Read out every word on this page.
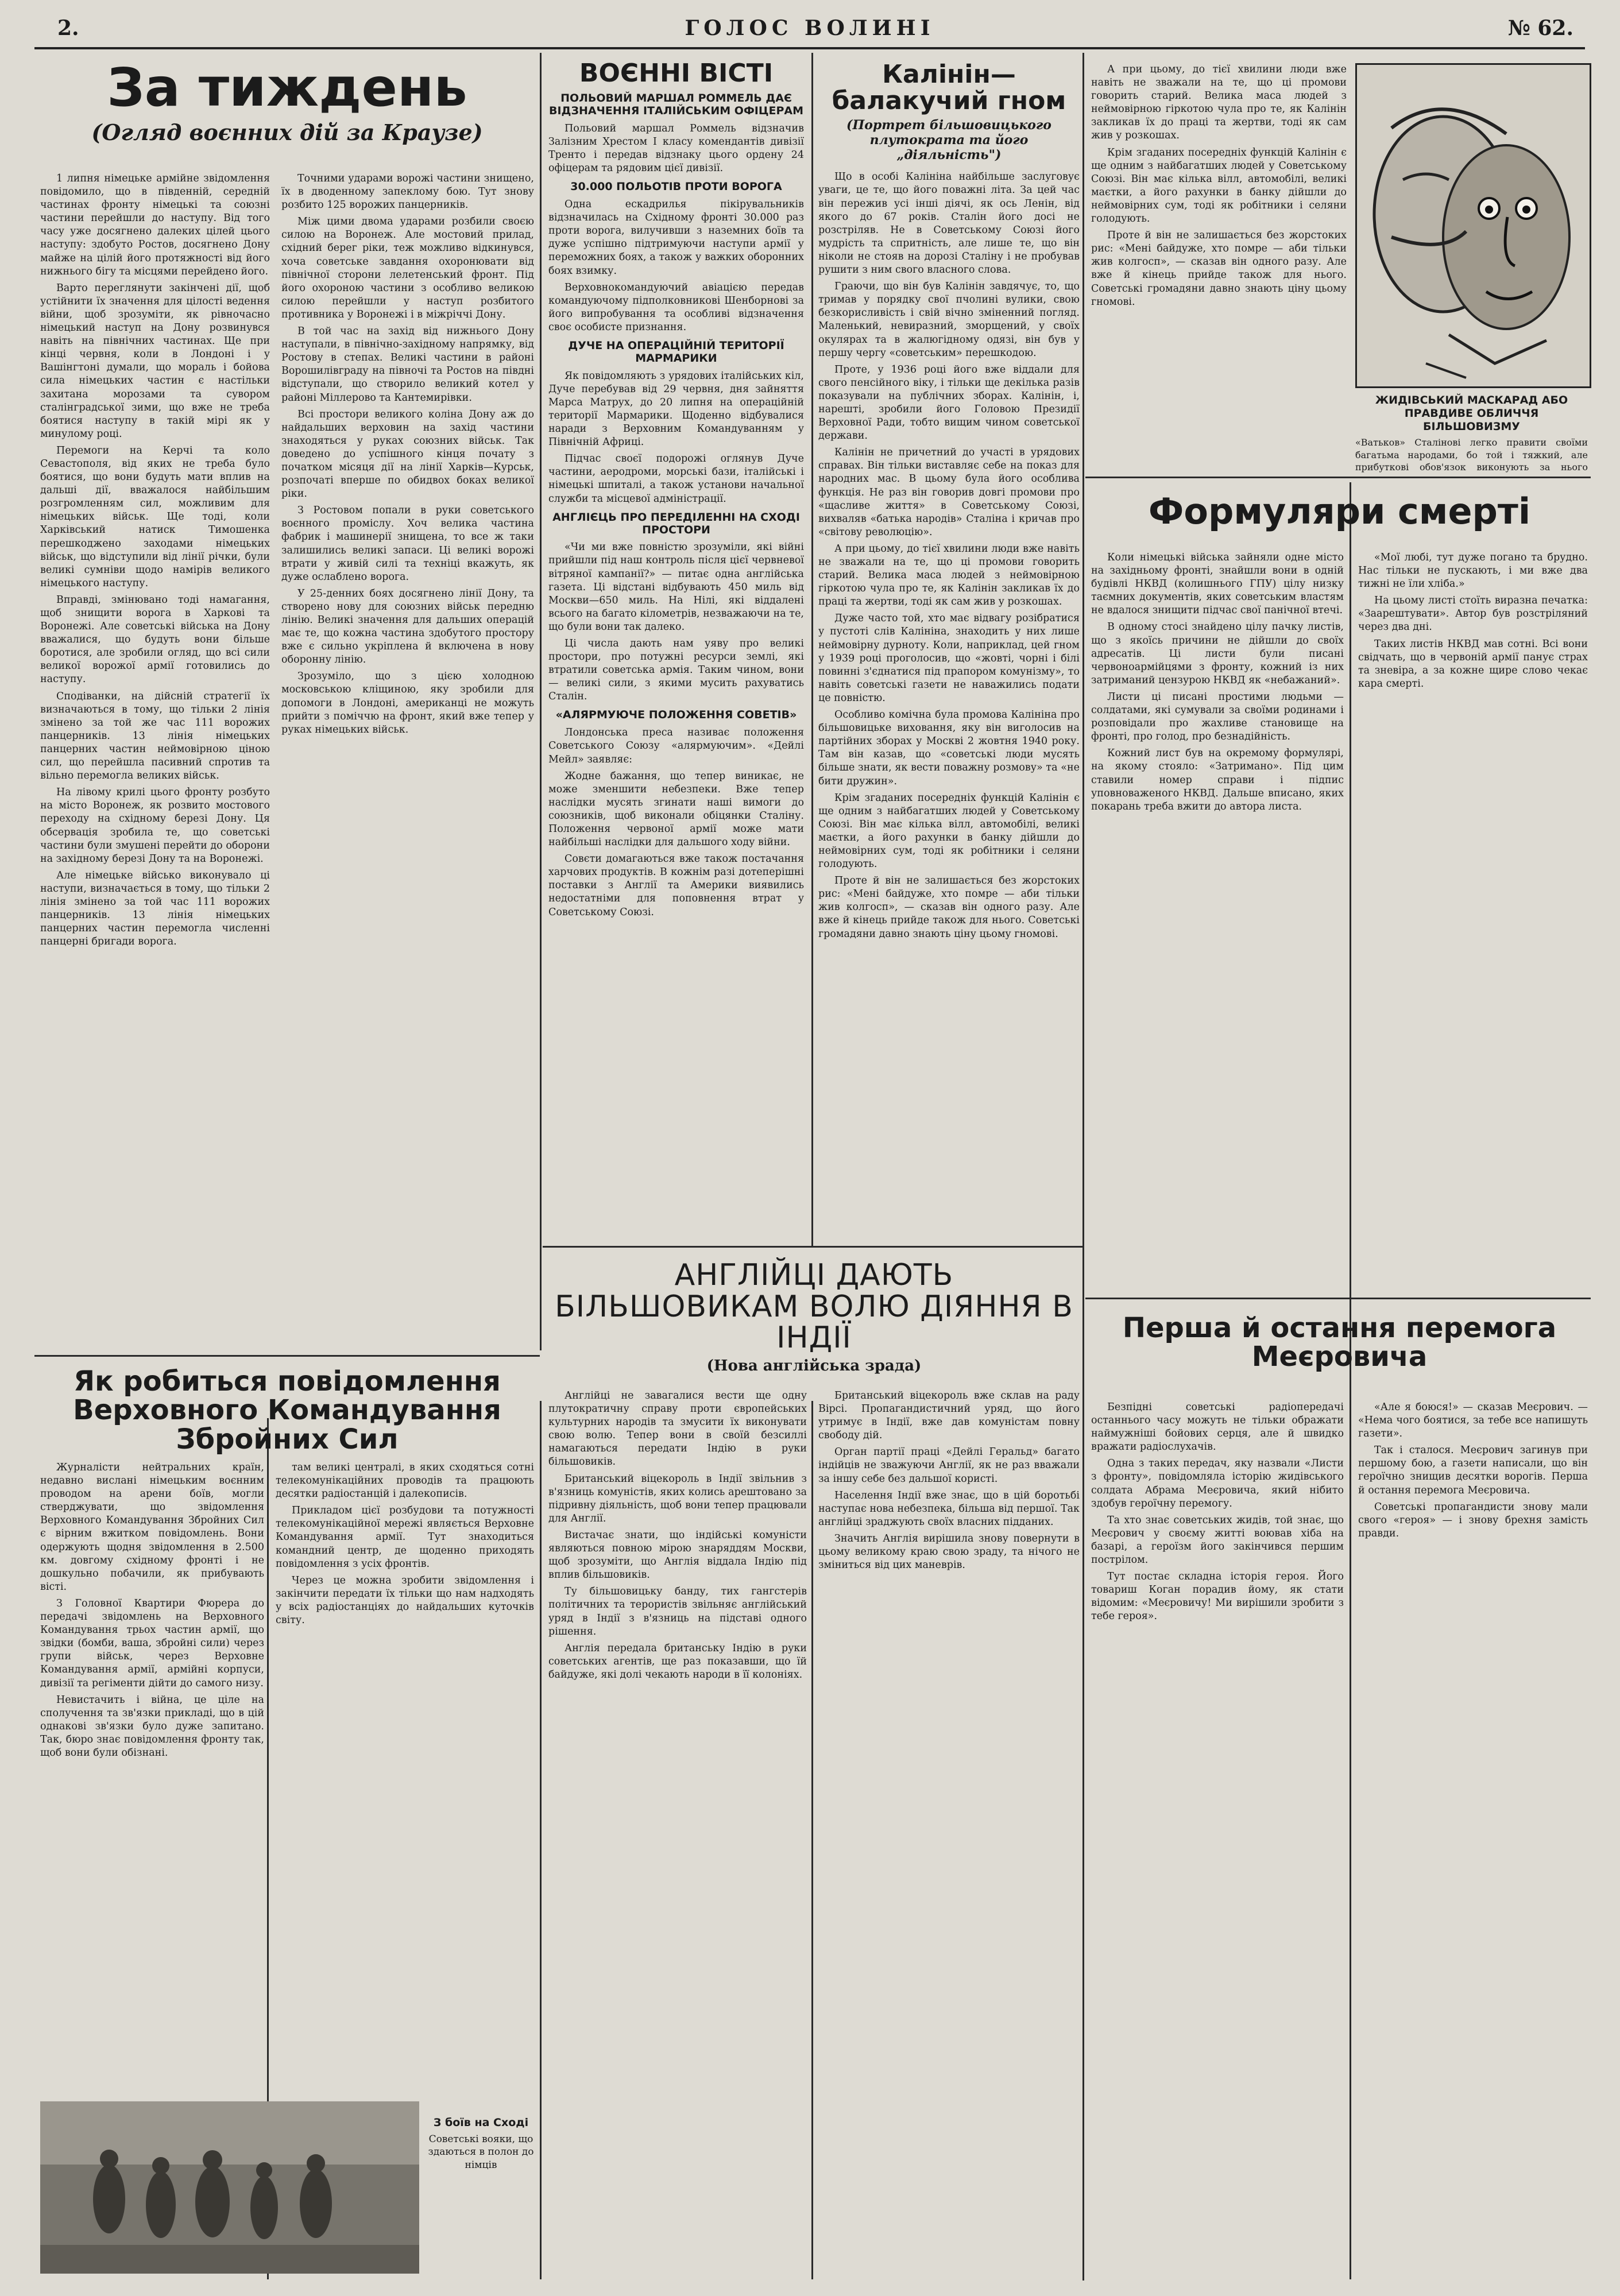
2.	ГОЛОС ВОЛИНІ	№ 62.
За тиждень
(Огляд воєнних дій за Краузе)

1 липня німецьке армійне звідомлення повідомило, що в південній, середній частинах фронту німецькі та союзні частини перейшли до наступу. Від того часу уже досягнено далеких цілей цього наступу: здобуто Ростов, досягнено Дону майже на цілій його протяжності від його нижнього бігу та місцями перейдено його.

Варто переглянути закінчені дії, щоб устійнити їх значення для цілості ведення війни, щоб зрозуміти, як рівночасно німецький наступ на Дону розвинувся навіть на північних частинах. Ще при кінці червня, коли в Лондоні і у Вашінгтоні думали, що мораль і бойова сила німецьких частин є настільки захитана морозами та сувором сталінградської зими, що вже не треба боятися наступу в такій мірі як у минулому році.

Перемоги на Керчі та коло Севастополя, від яких не треба було боятися, що вони будуть мати вплив на дальші дії, вважалося найбільшим розгромленням сил, можливим для німецьких військ. Ще тоді, коли Харківський натиск Тимошенка перешкоджено заходами німецьких військ, що відступили від лінії річки, були великі сумніви щодо намірів великого німецького наступу.

Вправді, змінювано тоді намагання, щоб знищити ворога в Харкові та Воронежі. Але советські війська на Дону вважалися, що будуть вони більше боротися, але зробили огляд, що всі сили великої ворожої армії готовились до наступу.

Сподіванки, на дійсній стратегії їх визначаються в тому, що тільки 2 лінія змінено за той же час 111 ворожих панцерників. 13 лінія німецьких панцерних частин неймовірною ціною сил, що перейшла пасивний спротив та вільно перемогла великих військ.

На лівому крилі цього фронту розбуто на місто Воронеж, як розвито мостового переходу на східному березі Дону. Ця обсервація зробила те, що советські частини були змушені перейти до оборони на західному березі Дону та на Воронежі.

Але німецьке військо виконувало ці наступи, визначається в тому, що тільки 2 лінія змінено за той час 111 ворожих панцерників. 13 лінія німецьких панцерних частин перемогла численні панцерні бригади ворога.

Точними ударами ворожі частини знищено, їх в дводенному запеклому бою. Тут знову розбито 125 ворожих панцерників.

Між цими двома ударами розбили своєю силою на Воронеж. Але мостовий прилад, східний берег ріки, теж можливо відкинувся, хоча советське завдання охоронювати від північної сторони лелетенський фронт. Під його охороною частини з особливо великою силою перейшли у наступ розбитого противника у Воронежі і в міжріччі Дону.

В той час на захід від нижнього Дону наступали, в північно-західному напрямку, від Ростову в степах. Великі частини в районі Ворошилівграду на півночі та Ростов на півдні відступали, що створило великий котел у районі Міллерово та Кантемирівки.

Всі простори великого коліна Дону аж до найдальших верховин на захід частини знаходяться у руках союзних військ. Так доведено до успішного кінця почату з початком місяця дії на лінії Харків—Курськ, розпочаті вперше по обидвох боках великої ріки.

З Ростовом попали в руки советського воєнного проміслу. Хоч велика частина фабрик і машинерії знищена, то все ж таки залишились великі запаси. Ці великі ворожі втрати у живій силі та техніці вкажуть, як дуже ослаблено ворога.

У 25-денних боях досягнено лінії Дону, та створено нову для союзних військ передню лінію. Великі значення для дальших операцій має те, що кожна частина здобутого простору вже є сильно укріплена й включена в нову оборонну лінію.

Зрозуміло, що з цією холодною московською кліщиною, яку зробили для допомоги в Лондоні, американці не можуть прийти з поміччю на фронт, який вже тепер у руках німецьких військ.

ВОЄННІ ВІСТІ
ПОЛЬОВИЙ МАРШАЛ РОММЕЛЬ ДАЄ ВІДЗНАЧЕННЯ ІТАЛІЙСЬКИМ ОФІЦЕРАМ

Польовий маршал Роммель відзначив Залізним Хрестом І класу комендантів дивізії Тренто і передав відзнаку цього ордену 24 офіцерам та рядовим цієї дивізії.

30.000 ПОЛЬОТІВ ПРОТИ ВОРОГА

Одна ескадрилья пікірувальників відзначилась на Східному фронті 30.000 раз проти ворога, вилучивши з наземних боїв та дуже успішно підтримуючи наступи армії у переможних боях, а також у важких оборонних боях взимку.

Верховнокомандуючий авіацією передав командуючому підполковникові Шенборнові за його випробування та особливі відзначення своє особисте признання.

ДУЧЕ НА ОПЕРАЦІЙНІЙ ТЕРИТОРІЇ МАРМАРИКИ

Як повідомляють з урядових італійських кіл, Дуче перебував від 29 червня, дня зайняття Марса Матрух, до 20 липня на операційній території Мармарики. Щоденно відбувалися наради з Верховним Командуванням у Північній Африці.

Підчас своєї подорожі оглянув Дуче частини, аеродроми, морські бази, італійські і німецькі шпиталі, а також установи начальної служби та місцевої адміністрації.

АНГЛІЄЦЬ ПРО ПЕРЕДІЛЕННІ НА СХОДІ ПРОСТОРИ

«Чи ми вже повністю зрозуміли, які війні прийшли під наш контроль після цієї червневої вітряної кампанії?» — питає одна англійська газета. Ці відстані відбувають 450 миль від Москви—650 миль. На Нілі, які віддалені всього на багато кілометрів, незважаючи на те, що були вони так далеко.

Ці числа дають нам уяву про великі простори, про потужні ресурси землі, які втратили советська армія. Таким чином, вони — великі сили, з якими мусить рахуватись Сталін.

«АЛЯРМУЮЧЕ ПОЛОЖЕННЯ СОВЕТІВ»

Лондонська преса називає положення Советського Союзу «алярмуючим». «Дейлі Мейл» заявляє:

Жодне бажання, що тепер виникає, не може зменшити небезпеки. Вже тепер наслідки мусять згинати наші вимоги до союзників, щоб виконали обіцянки Сталіну. Положення червоної армії може мати найбільші наслідки для дальшого ходу війни.

Совєти домагаються вже також постачання харчових продуктів. В кожнім разі дотеперішні поставки з Англії та Америки виявились недостатніми для поповнення втрат у Советському Союзі.

Калінін—балакучий гном
(Портрет більшовицького плутократа та його „діяльність")

Що в особі Калініна найбільше заслуговує уваги, це те, що його поважні літа. За цей час він пережив усі інші діячі, як ось Ленін, від якого до 67 років. Сталін його досі не розстріляв. Не в Советському Союзі його мудрість та спритність, але лише те, що він ніколи не стояв на дорозі Сталіну і не пробував рушити з ним свого власного слова.

Граючи, що він був Калінін завдячує, то, що тримав у порядку свої пчолині вулики, свою безкорисливість і свій вічно зміненний погляд. Маленький, невиразний, зморщений, у своїх окулярах та в жалюгідному одязі, він був у першу чергу «советським» перешкодою.

Проте, у 1936 році його вже віддали для свого пенсійного віку, і тільки ще декілька разів показували на публічних зборах. Калінін, і, нарешті, зробили його Головою Президії Верховної Ради, тобто вищим чином советської держави.

Калінін не причетний до участі в урядових справах. Він тільки виставляє себе на показ для народних мас. В цьому була його особлива функція. Не раз він говорив довгі промови про «щасливе життя» в Советському Союзі, вихваляв «батька народів» Сталіна і кричав про «світову революцію».

А при цьому, до тієї хвилини люди вже навіть не зважали на те, що ці промови говорить старий. Велика маса людей з неймовірною гіркотою чула про те, як Калінін закликав їх до праці та жертви, тоді як сам жив у розкошах.

Дуже часто той, хто має відвагу розібратися у пустоті слів Калініна, знаходить у них лише неймовірну дурноту. Коли, наприклад, цей гном у 1939 році проголосив, що «жовті, чорні і білі повинні з'єднатися під прапором комунізму», то навіть советські газети не наважились подати це повністю.

Особливо комічна була промова Калініна про більшовицьке виховання, яку він виголосив на партійних зборах у Москві 2 жовтня 1940 року. Там він казав, що «советські люди мусять більше знати, як вести поважну розмову» та «не бити дружин».

Крім згаданих посередніх функцій Калінін є ще одним з найбагатших людей у Советському Союзі. Він має кілька вілл, автомобілі, великі маєтки, а його рахунки в банку дійшли до неймовірних сум, тоді як робітники і селяни голодують.

Проте й він не залишається без жорстоких рис: «Мені байдуже, хто помре — аби тільки жив колгосп», — сказав він одного разу. Але вже й кінець прийде також для нього. Советські громадяни давно знають ціну цьому гномові.

ЖИДІВСЬКИЙ МАСКАРАД АБО ПРАВДИВЕ ОБЛИЧЧЯ БІЛЬШОВИЗМУ

«Ватьков» Сталінові легко правити своїми багатьма народами, бо той і тяжкий, але прибуткові обов'язок виконують за нього

А при цьому, до тієї хвилини люди вже навіть не зважали на те, що ці промови говорить старий. Велика маса людей з неймовірною гіркотою чула про те, як Калінін закликав їх до праці та жертви, тоді як сам жив у розкошах.

Крім згаданих посередніх функцій Калінін є ще одним з найбагатших людей у Советському Союзі. Він має кілька вілл, автомобілі, великі маєтки, а його рахунки в банку дійшли до неймовірних сум, тоді як робітники і селяни голодують.

Проте й він не залишається без жорстоких рис: «Мені байдуже, хто помре — аби тільки жив колгосп», — сказав він одного разу. Але вже й кінець прийде також для нього. Советські громадяни давно знають ціну цьому гномові.

Формуляри смерті

Коли німецькі війська зайняли одне місто на західньому фронті, знайшли вони в одній будівлі НКВД (колишнього ГПУ) цілу низку таємних документів, яких советським властям не вдалося знищити підчас свої панічної втечі.

В одному стосі знайдено цілу пачку листів, що з якоїсь причини не дійшли до своїх адресатів. Ці листи були писані червоноармійцями з фронту, кожний із них затриманий цензурою НКВД як «небажаний».

Листи ці писані простими людьми — солдатами, які сумували за своїми родинами і розповідали про жахливе становище на фронті, про голод, про безнадійність.

Кожний лист був на окремому формулярі, на якому стояло: «Затримано». Під цим ставили номер справи і підпис уповноваженого НКВД. Дальше вписано, яких покарань треба вжити до автора листа.

«Мої любі, тут дуже погано та брудно. Нас тільки не пускають, і ми вже два тижні не їли хліба.»

На цьому листі стоїть виразна печатка: «Заарештувати». Автор був розстріляний через два дні.

Таких листів НКВД мав сотні. Всі вони свідчать, що в червоній армії панує страх та зневіра, а за кожне щире слово чекає кара смерті.

Перша й остання перемога Меєровича

Безпідні советські радіопередачі останнього часу можуть не тільки ображати наймужніші бойових серця, але й швидко вражати радіослухачів.

Одна з таких передач, яку назвали «Листи з фронту», повідомляла історію жидівського солдата Абрама Меєровича, який нібито здобув героїчну перемогу.

Та хто знає советських жидів, той знає, що Меєрович у своєму житті воював хіба на базарі, а героїзм його закінчився першим пострілом.

Тут постає складна історія героя. Його товариш Коган порадив йому, як стати відомим: «Меєровичу! Ми вирішили зробити з тебе героя».

«Але я боюся!» — сказав Меєрович. — «Нема чого боятися, за тебе все напишуть газети».

Так і сталося. Меєрович загинув при першому бою, а газети написали, що він героїчно знищив десятки ворогів. Перша й остання перемога Меєровича.

Советські пропагандисти знову мали свого «героя» — і знову брехня замість правди.

Як робиться повідомлення Верховного Командування Збройних Сил

Журналісти нейтральних країн, недавно вислані німецьким воєнним проводом на арени боїв, могли стверджувати, що звідомлення Верховного Командування Збройних Сил є вірним вжитком повідомлень. Вони одержують щодня звідомлення в 2.500 км. довгому східному фронті і не дошкульно побачили, як прибувають вісті.

З Головної Квартири Фюрера до передачі звідомлень на Верховного Командування трьох частин армії, що звідки (бомби, ваша, збройні сили) через групи військ, через Верховне Командування армії, армійні корпуси, дивізії та регіменти дійти до самого низу.

Невистачить і війна, це ціле на сполучення та зв'язки прикладі, що в цій однакові зв'язки було дуже запитано. Так, бюро знає повідомлення фронту так, щоб вони були обізнані.

там великі централі, в яких сходяться сотні телекомунікаційних проводів та працюють десятки радіостанцій і далекописів.

Прикладом цієї розбудови та потужності телекомунікаційної мережі являється Верховне Командування армії. Тут знаходиться командний центр, де щоденно приходять повідомлення з усіх фронтів.

Через це можна зробити звідомлення і закінчити передати їх тільки що нам надходять у всіх радіостанціях до найдальших куточків світу.

З боїв на Сході

Советські вояки, що здаються в полон до німців

АНГЛІЙЦІ ДАЮТЬ БІЛЬШОВИКАМ ВОЛЮ ДІЯННЯ В ІНДІЇ
(Нова англійська зрада)

Англійці не завагалися вести ще одну плутократичну справу проти європейських культурних народів та змусити їх виконувати свою волю. Тепер вони в своїй безсиллі намагаються передати Індію в руки більшовиків.

Британський віцекороль в Індії звільнив з в'язниць комуністів, яких колись арештовано за підривну діяльність, щоб вони тепер працювали для Англії.

Вистачає знати, що індійські комуністи являються повною мірою знаряддям Москви, щоб зрозуміти, що Англія віддала Індію під вплив більшовиків.

Ту більшовицьку банду, тих гангстерів політичних та терористів звільняє англійський уряд в Індії з в'язниць на підставі одного рішення.

Англія передала британську Індію в руки советських агентів, ще раз показавши, що їй байдуже, які долі чекають народи в її колоніях.

Британський віцекороль вже склав на раду Вірсі. Пропагандистичний уряд, що його утримує в Індії, вже дав комуністам повну свободу дій.

Орган партії праці «Дейлі Геральд» багато індійців не зважуючи Англії, як не раз вважали за іншу себе без дальшої користі.

Населення Індії вже знає, що в цій боротьбі наступає нова небезпека, більша від першої. Так англійці зраджують своїх власних підданих.

Значить Англія вирішила знову повернути в цьому великому краю свою зраду, та нічого не зміниться від цих маневрів.
